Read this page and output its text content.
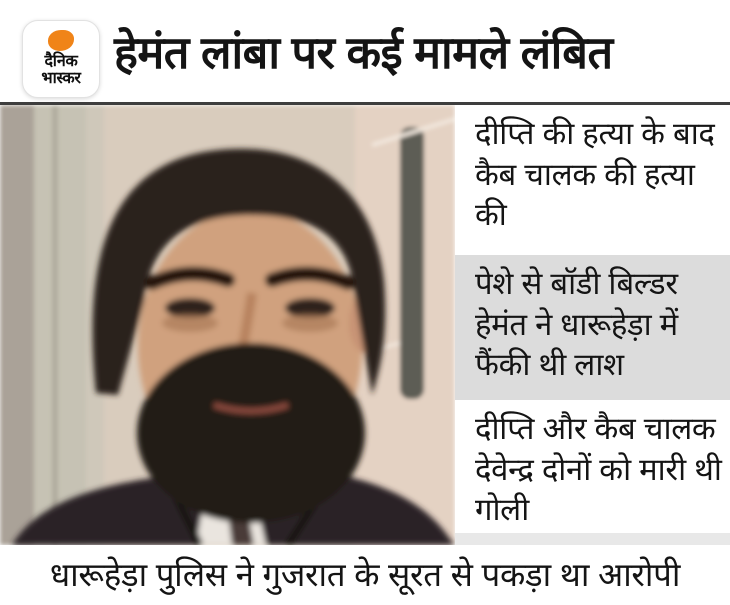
दैनिक
भास्कर
हेमंत लांबा पर कई मामले लंबित
दीप्ति की हत्या के बाद कैब चालक की हत्या की
पेशे से बॉडी बिल्डर हेमंत ने धारूहेड़ा में फैंकी थी लाश
दीप्ति और कैब चालक देवेन्द्र दोनों को मारी थी गोली
धारूहेड़ा पुलिस ने गुजरात के सूरत से पकड़ा था आरोपी
